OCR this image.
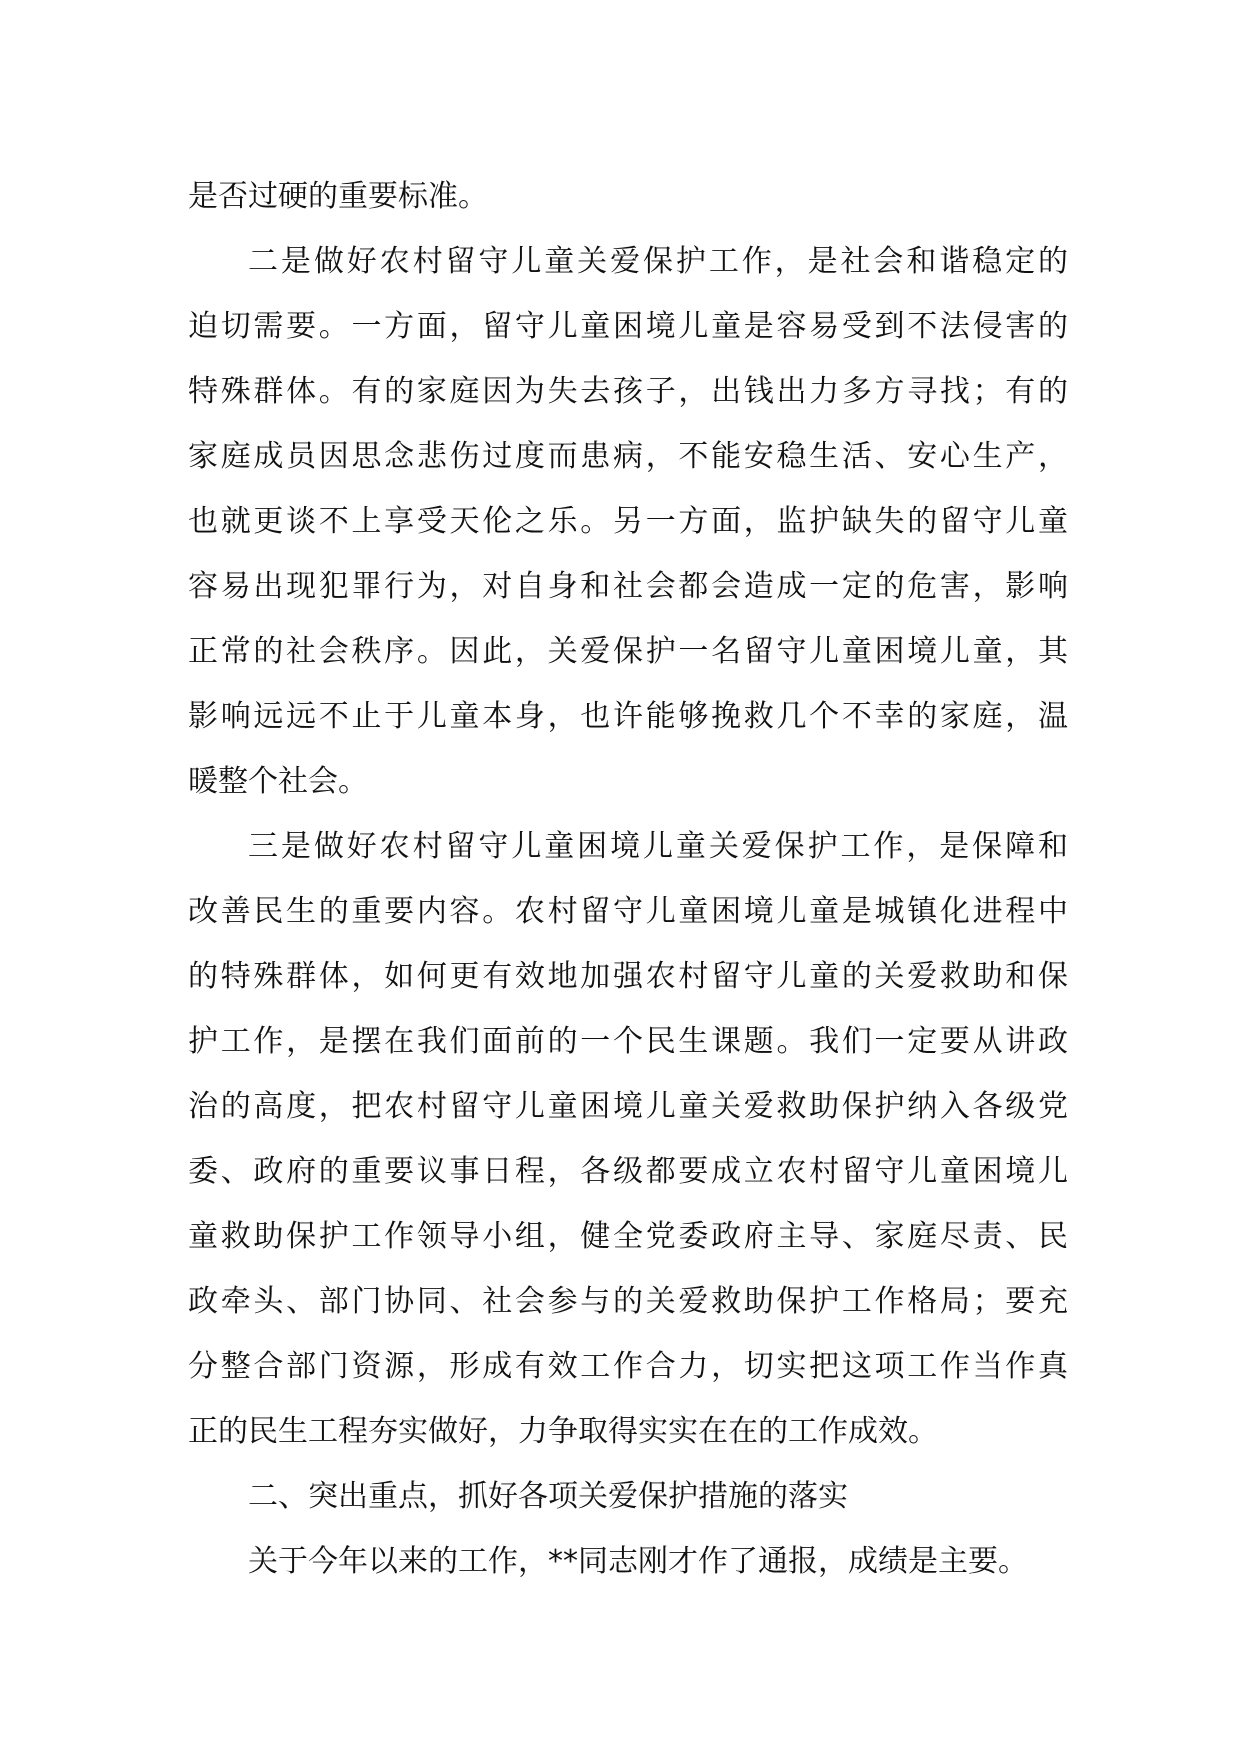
是否过硬的重要标准。
二是做好农村留守儿童关爱保护工作，是社会和谐稳定的
迫切需要。一方面，留守儿童困境儿童是容易受到不法侵害的
特殊群体。有的家庭因为失去孩子，出钱出力多方寻找；有的
家庭成员因思念悲伤过度而患病，不能安稳生活、安心生产，
也就更谈不上享受天伦之乐。另一方面，监护缺失的留守儿童
容易出现犯罪行为，对自身和社会都会造成一定的危害，影响
正常的社会秩序。因此，关爱保护一名留守儿童困境儿童，其
影响远远不止于儿童本身，也许能够挽救几个不幸的家庭，温
暖整个社会。
三是做好农村留守儿童困境儿童关爱保护工作，是保障和
改善民生的重要内容。农村留守儿童困境儿童是城镇化进程中
的特殊群体，如何更有效地加强农村留守儿童的关爱救助和保
护工作，是摆在我们面前的一个民生课题。我们一定要从讲政
治的高度，把农村留守儿童困境儿童关爱救助保护纳入各级党
委、政府的重要议事日程，各级都要成立农村留守儿童困境儿
童救助保护工作领导小组，健全党委政府主导、家庭尽责、民
政牵头、部门协同、社会参与的关爱救助保护工作格局；要充
分整合部门资源，形成有效工作合力，切实把这项工作当作真
正的民生工程夯实做好，力争取得实实在在的工作成效。
二、突出重点，抓好各项关爱保护措施的落实
关于今年以来的工作，**同志刚才作了通报，成绩是主要。
